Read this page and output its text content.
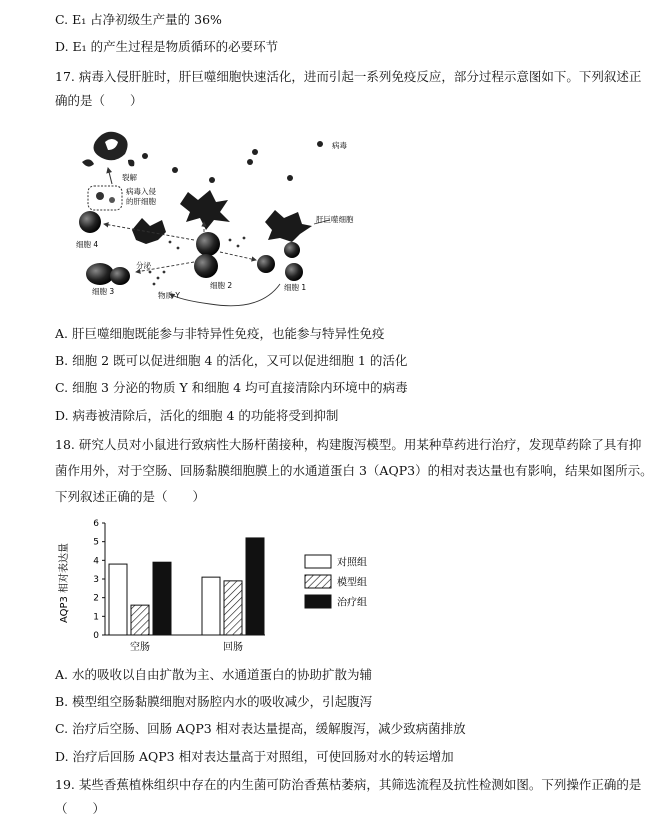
C. E₁ 占净初级生产量的 36%
D. E₁ 的产生过程是物质循环的必要环节
17. 病毒入侵肝脏时，肝巨噬细胞快速活化，进而引起一系列免疫反应，部分过程示意图如下。下列叙述正
确的是（　　）
裂解
病毒入侵
的肝细胞
病毒
肝巨噬细胞
细胞 4
细胞 2	细胞 1
细胞 3
分泌
物质 Y
A. 肝巨噬细胞既能参与非特异性免疫，也能参与特异性免疫
B. 细胞 2 既可以促进细胞 4 的活化，又可以促进细胞 1 的活化
C. 细胞 3 分泌的物质 Y 和细胞 4 均可直接清除内环境中的病毒
D. 病毒被清除后，活化的细胞 4 的功能将受到抑制
18. 研究人员对小鼠进行致病性大肠杆菌接种，构建腹泻模型。用某种草药进行治疗，发现草药除了具有抑
菌作用外，对于空肠、回肠黏膜细胞膜上的水通道蛋白 3（AQP3）的相对表达量也有影响，结果如图所示。
下列叙述正确的是（　　）
AQP3 相对表达量
0
1
2
3
4
5
6
空肠	回肠
对照组
模型组
治疗组
A. 水的吸收以自由扩散为主、水通道蛋白的协助扩散为辅
B. 模型组空肠黏膜细胞对肠腔内水的吸收减少，引起腹泻
C. 治疗后空肠、回肠 AQP3 相对表达量提高，缓解腹泻，减少致病菌排放
D. 治疗后回肠 AQP3 相对表达量高于对照组，可使回肠对水的转运增加
19. 某些香蕉植株组织中存在的内生菌可防治香蕉枯萎病，其筛选流程及抗性检测如图。下列操作正确的是
（　　）
